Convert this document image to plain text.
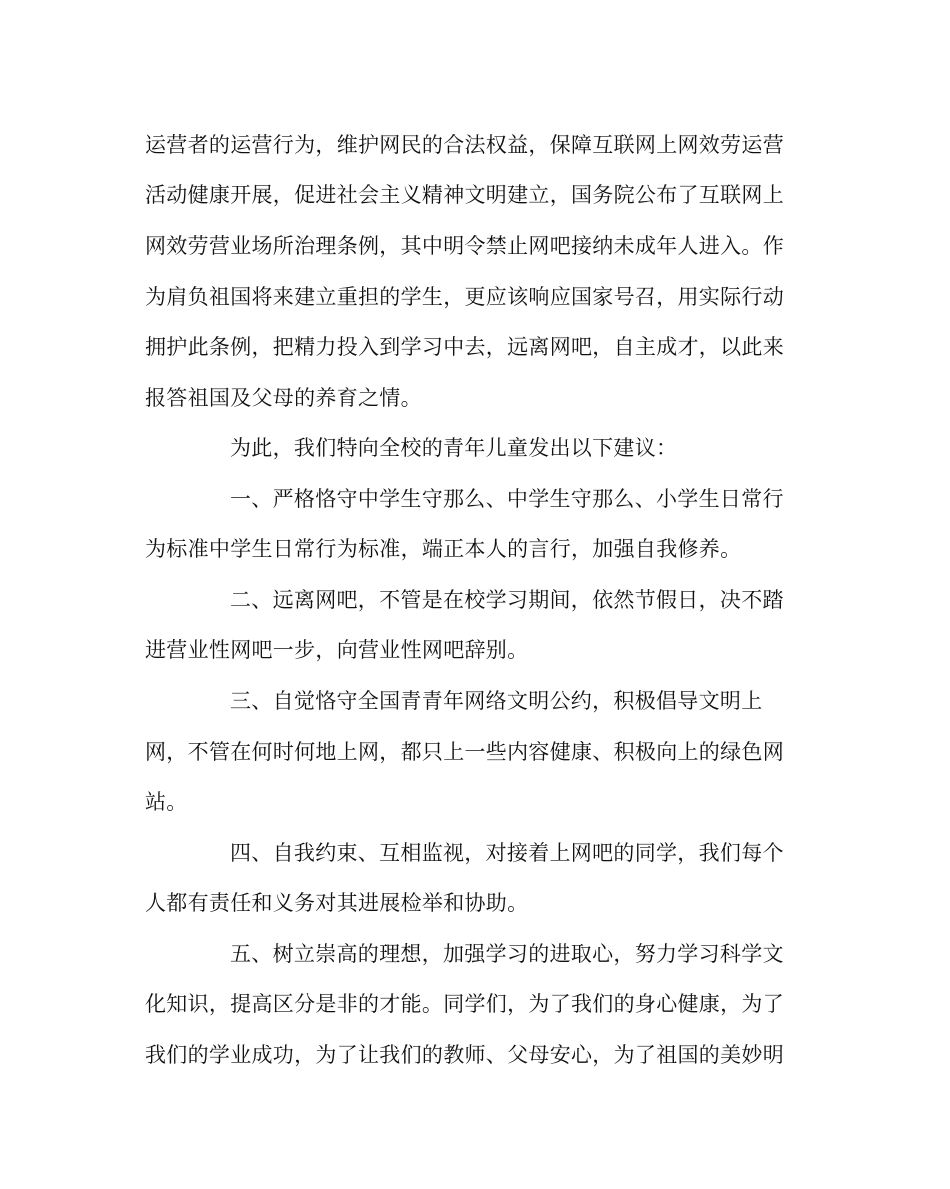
运营者的运营行为，维护网民的合法权益，保障互联网上网效劳运营
活动健康开展，促进社会主义精神文明建立，国务院公布了互联网上
网效劳营业场所治理条例，其中明令禁止网吧接纳未成年人进入。作
为肩负祖国将来建立重担的学生，更应该响应国家号召，用实际行动
拥护此条例，把精力投入到学习中去，远离网吧，自主成才，以此来
报答祖国及父母的养育之情。
为此，我们特向全校的青年儿童发出以下建议：
一、严格恪守中学生守那么、中学生守那么、小学生日常行
为标准中学生日常行为标准，端正本人的言行，加强自我修养。
二、远离网吧，不管是在校学习期间，依然节假日，决不踏
进营业性网吧一步，向营业性网吧辞别。
三、自觉恪守全国青青年网络文明公约，积极倡导文明上
网，不管在何时何地上网，都只上一些内容健康、积极向上的绿色网
站。
四、自我约束、互相监视，对接着上网吧的同学，我们每个
人都有责任和义务对其进展检举和协助。
五、树立崇高的理想，加强学习的进取心，努力学习科学文
化知识，提高区分是非的才能。同学们，为了我们的身心健康，为了
我们的学业成功，为了让我们的教师、父母安心，为了祖国的美妙明
